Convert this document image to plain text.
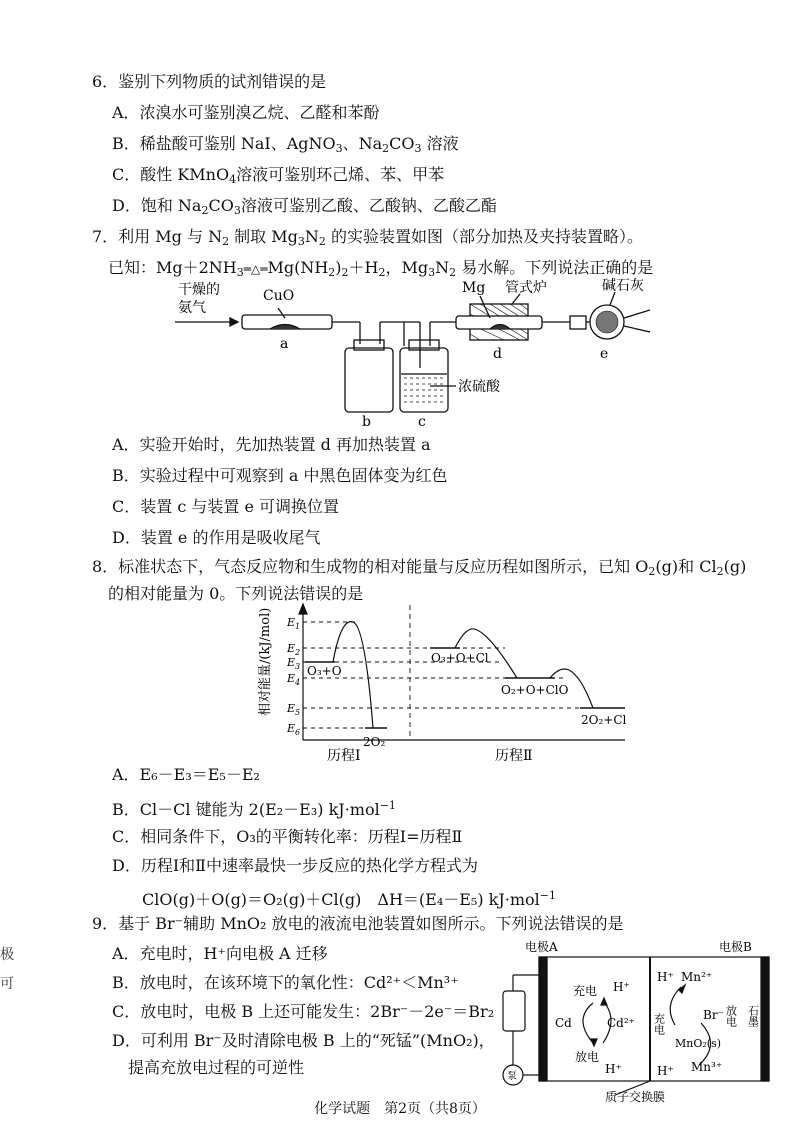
6．鉴别下列物质的试剂错误的是
A．浓溴水可鉴别溴乙烷、乙醛和苯酚
B．稀盐酸可鉴别 NaI、AgNO$_3$、$Na_2CO_3$ 溶液
C．酸性 KMnO$_4$溶液可鉴别环己烯、苯、甲苯
D．饱和 $Na_2CO_3$溶液可鉴别乙酸、乙酸钠、乙酸乙酯
7．利用 Mg 与 $N_2$ 制取 $Mg_3N_2$ 的实验装置如图（部分加热及夹持装置略）。
已知：$Mg+2NH_3═\triangle═Mg(NH_2)_2+H_2$，$Mg_3N_2$ 易水解。下列说法正确的是
干燥的
氨气
CuO
a
b	c
d	e
Mg 管式炉	碱石灰
浓硫酸
A．实验开始时，先加热装置 d 再加热装置 a
B．实验过程中可观察到 a 中黑色固体变为红色
C．装置 c 与装置 e 可调换位置
D．装置 e 的作用是吸收尾气
8．标准状态下，气态反应物和生成物的相对能量与反应历程如图所示，已知 $O_2(g)$和 $Cl_2(g)$
的相对能量为 0。下列说法错误的是
相对能量/(kJ/mol) $E_1$
$E_2$
$E_3$
$E_4$
$E_5$
$E_6$
O₃+O
2O₂
O₃+O+Cl
O₂+O+ClO
2O₂+Cl
历程Ⅰ	历程Ⅱ
A．E₆－E₃＝E₅－E₂
B．Cl－Cl 键能为 2(E₂－E₃) kJ·mol$^{-1}$
C．相同条件下，O₃的平衡转化率：历程Ⅰ=历程Ⅱ
D．历程Ⅰ和Ⅱ中速率最快一步反应的热化学方程式为
ClO(g)＋O(g)＝O₂(g)＋Cl(g)　ΔH＝(E₄－E₅) kJ·mol$^{-1}$
9．基于 Br⁻辅助 MnO₂ 放电的液流电池装置如图所示。下列说法错误的是
A．充电时，H⁺向电极 A 迁移
B．放电时，在该环境下的氧化性：Cd²⁺＜Mn³⁺
C．放电时，电极 B 上还可能发生：2Br⁻－2e⁻＝Br₂
D．可利用 Br⁻及时清除电极 B 上的“死锰”(MnO₂)，
提高充放电过程的可逆性
电极A	电极B
Cd	Cd²⁺
充电
放电
H⁺
H⁺
H⁺
H⁺
Mn²⁺
Br⁻
MnO₂(s)
Mn³⁺
充电	放电 石墨
泵
质子交换膜
极
可
化学试题　第2页（共8页）
